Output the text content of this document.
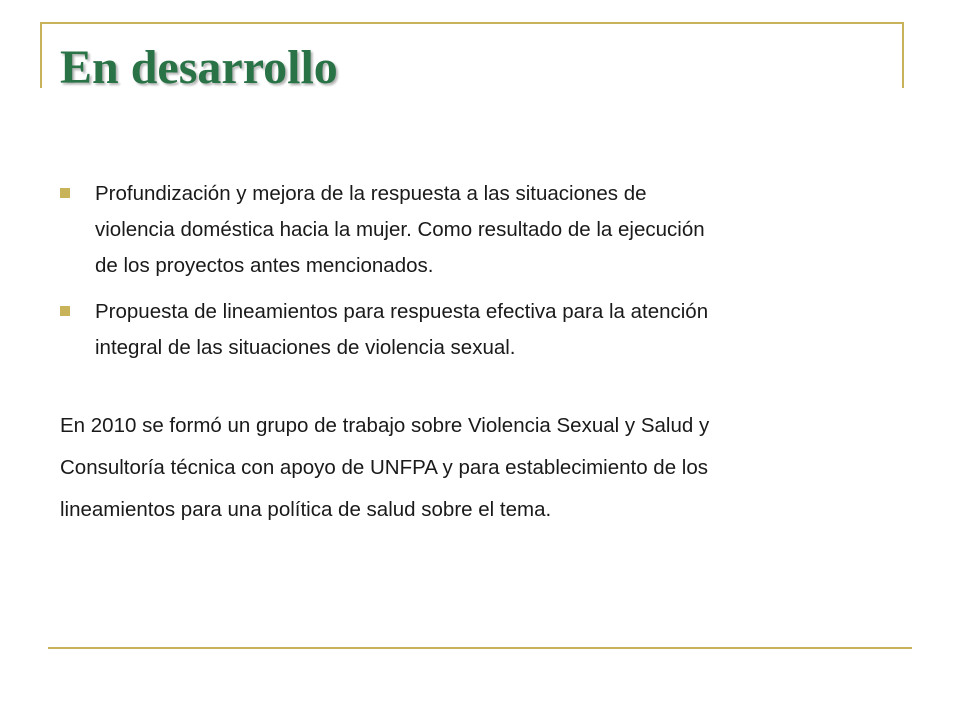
En desarrollo
Profundización y mejora de la respuesta a las situaciones de
violencia doméstica hacia la mujer. Como resultado de la ejecución
de los proyectos antes mencionados.
Propuesta de lineamientos para respuesta efectiva para la atención
integral de las situaciones de violencia sexual.

En 2010 se formó un grupo de trabajo sobre Violencia Sexual y Salud y
Consultoría técnica con apoyo de UNFPA y para establecimiento de los
lineamientos para una política de salud sobre el tema.
